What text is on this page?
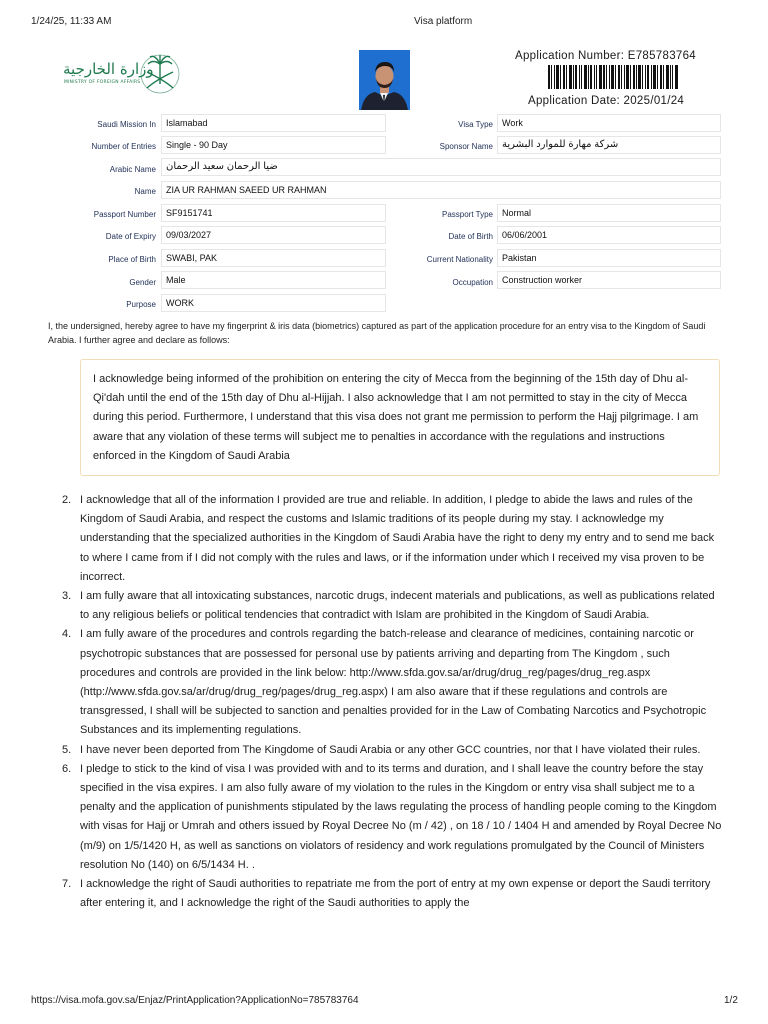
1/24/25, 11:33 AM	Visa platform
وزارة الخارجية
MINISTRY OF FOREIGN AFFAIRS
Application Number: E785783764
Application Date: 2025/01/24
Saudi Mission In	Islamabad
Number of Entries	Single - 90 Day
Arabic Name	ضيا الرحمان سعيد الرحمان
Name	ZIA UR RAHMAN SAEED UR RAHMAN
Passport Number	SF9151741
Date of Expiry	09/03/2027
Place of Birth	SWABI, PAK
Gender	Male
Purpose	WORK
Visa Type	Work
Sponsor Name شركة مهارة للموارد البشرية
Passport Type	Normal
Date of Birth	06/06/2001
Current Nationality	Pakistan
Occupation	Construction worker
I, the undersigned, hereby agree to have my fingerprint & iris data (biometrics) captured as part of the application procedure for an entry visa to the Kingdom of Saudi Arabia. I further agree and declare as follows:

I acknowledge being informed of the prohibition on entering the city of Mecca from the beginning of the 15th day of Dhu al-Qi'dah until the end of the 15th day of Dhu al-Hijjah. I also acknowledge that I am not permitted to stay in the city of Mecca during this period. Furthermore, I understand that this visa does not grant me permission to perform the Hajj pilgrimage. I am aware that any violation of these terms will subject me to penalties in accordance with the regulations and instructions enforced in the Kingdom of Saudi Arabia

2. I acknowledge that all of the information I provided are true and reliable. In addition, I pledge to abide the laws and rules of the Kingdom of Saudi Arabia, and respect the customs and Islamic traditions of its people during my stay. I acknowledge my understanding that the specialized authorities in the Kingdom of Saudi Arabia have the right to deny my entry and to send me back to where I came from if I did not comply with the rules and laws, or if the information under which I received my visa proven to be incorrect.
3. I am fully aware that all intoxicating substances, narcotic drugs, indecent materials and publications, as well as publications related to any religious beliefs or political tendencies that contradict with Islam are prohibited in the Kingdom of Saudi Arabia.
4. I am fully aware of the procedures and controls regarding the batch-release and clearance of medicines, containing narcotic or psychotropic substances that are possessed for personal use by patients arriving and departing from The Kingdom , such procedures and controls are provided in the link below: http://www.sfda.gov.sa/ar/drug/drug_reg/pages/drug_reg.aspx (http://www.sfda.gov.sa/ar/drug/drug_reg/pages/drug_reg.aspx) I am also aware that if these regulations and controls are transgressed, I shall will be subjected to sanction and penalties provided for in the Law of Combating Narcotics and Psychotropic Substances and its implementing regulations.
5. I have never been deported from The Kingdome of Saudi Arabia or any other GCC countries, nor that I have violated their rules.
6. I pledge to stick to the kind of visa I was provided with and to its terms and duration, and I shall leave the country before the stay specified in the visa expires. I am also fully aware of my violation to the rules in the Kingdom or entry visa shall subject me to a penalty and the application of punishments stipulated by the laws regulating the process of handling people coming to the Kingdom with visas for Hajj or Umrah and others issued by Royal Decree No (m / 42) , on 18 / 10 / 1404 H and amended by Royal Decree No (m/9) on 1/5/1420 H, as well as sanctions on violators of residency and work regulations promulgated by the Council of Ministers resolution No (140) on 6/5/1434 H. .
7. I acknowledge the right of Saudi authorities to repatriate me from the port of entry at my own expense or deport the Saudi territory after entering it, and I acknowledge the right of the Saudi authorities to apply the
https://visa.mofa.gov.sa/Enjaz/PrintApplication?ApplicationNo=785783764	1/2
